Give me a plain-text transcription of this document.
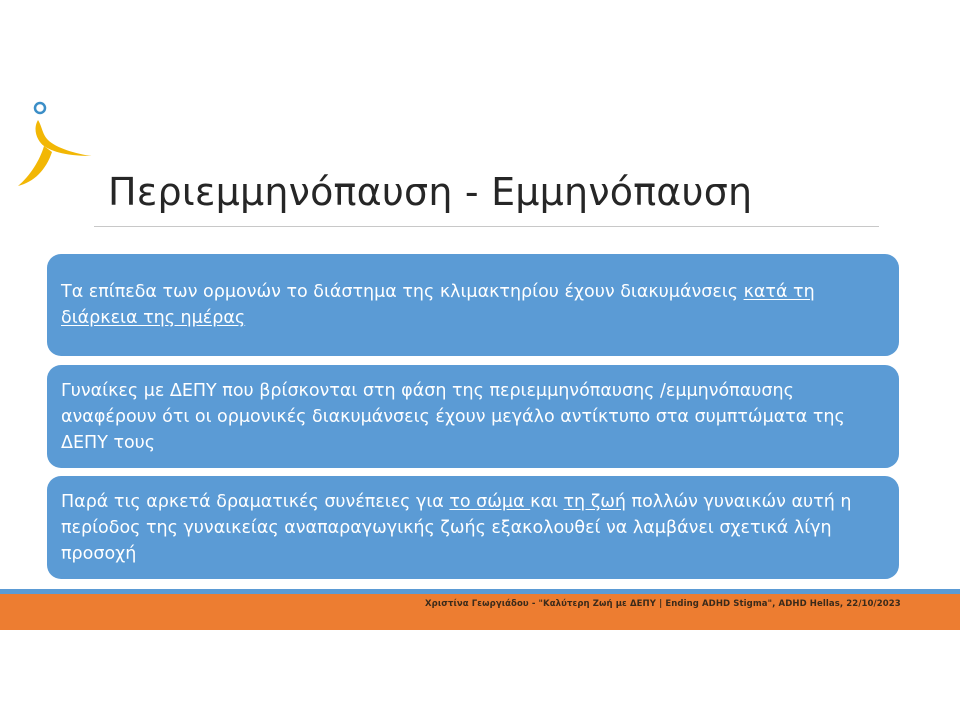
Περιεμμηνόπαυση - Εμμηνόπαυση

Τα επίπεδα των ορμονών το διάστημα της κλιμακτηρίου έχουν διακυμάνσεις κατά τη διάρκεια της ημέρας

Γυναίκες με ΔΕΠΥ που βρίσκονται στη φάση της περιεμμηνόπαυσης /εμμηνόπαυσης αναφέρουν ότι οι ορμονικές διακυμάνσεις έχουν μεγάλο αντίκτυπο στα συμπτώματα της ΔΕΠΥ τους

Παρά τις αρκετά δραματικές συνέπειες για το σώμα και τη ζωή πολλών γυναικών αυτή η περίοδος της γυναικείας αναπαραγωγικής ζωής εξακολουθεί να λαμβάνει σχετικά λίγη προσοχή

Χριστίνα Γεωργιάδου - "Καλύτερη Ζωή με ΔΕΠΥ | Ending ADHD Stigma", ADHD Hellas, 22/10/2023
